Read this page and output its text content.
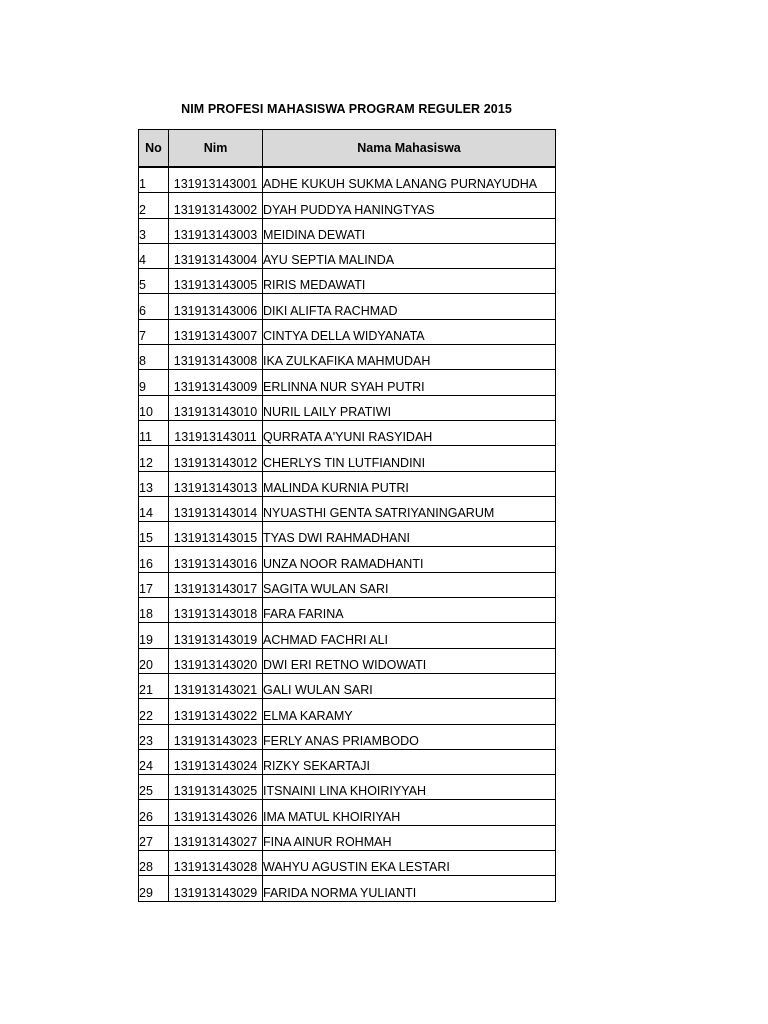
NIM PROFESI MAHASISWA PROGRAM REGULER 2015
No	Nim	Nama Mahasiswa
1	131913143001	ADHE KUKUH SUKMA LANANG PURNAYUDHA
2	131913143002	DYAH PUDDYA HANINGTYAS
3	131913143003	MEIDINA DEWATI
4	131913143004	AYU SEPTIA MALINDA
5	131913143005	RIRIS MEDAWATI
6	131913143006	DIKI ALIFTA RACHMAD
7	131913143007	CINTYA DELLA WIDYANATA
8	131913143008	IKA ZULKAFIKA MAHMUDAH
9	131913143009	ERLINNA NUR SYAH PUTRI
10	131913143010	NURIL LAILY PRATIWI
11	131913143011	QURRATA A'YUNI RASYIDAH
12	131913143012	CHERLYS TIN LUTFIANDINI
13	131913143013	MALINDA KURNIA PUTRI
14	131913143014	NYUASTHI GENTA SATRIYANINGARUM
15	131913143015	TYAS DWI RAHMADHANI
16	131913143016	UNZA NOOR RAMADHANTI
17	131913143017	SAGITA WULAN SARI
18	131913143018	FARA FARINA
19	131913143019	ACHMAD FACHRI ALI
20	131913143020	DWI ERI RETNO WIDOWATI
21	131913143021	GALI WULAN SARI
22	131913143022	ELMA KARAMY
23	131913143023	FERLY ANAS PRIAMBODO
24	131913143024	RIZKY SEKARTAJI
25	131913143025	ITSNAINI LINA KHOIRIYYAH
26	131913143026	IMA MATUL KHOIRIYAH
27	131913143027	FINA AINUR ROHMAH
28	131913143028	WAHYU AGUSTIN EKA LESTARI
29	131913143029	FARIDA NORMA YULIANTI
